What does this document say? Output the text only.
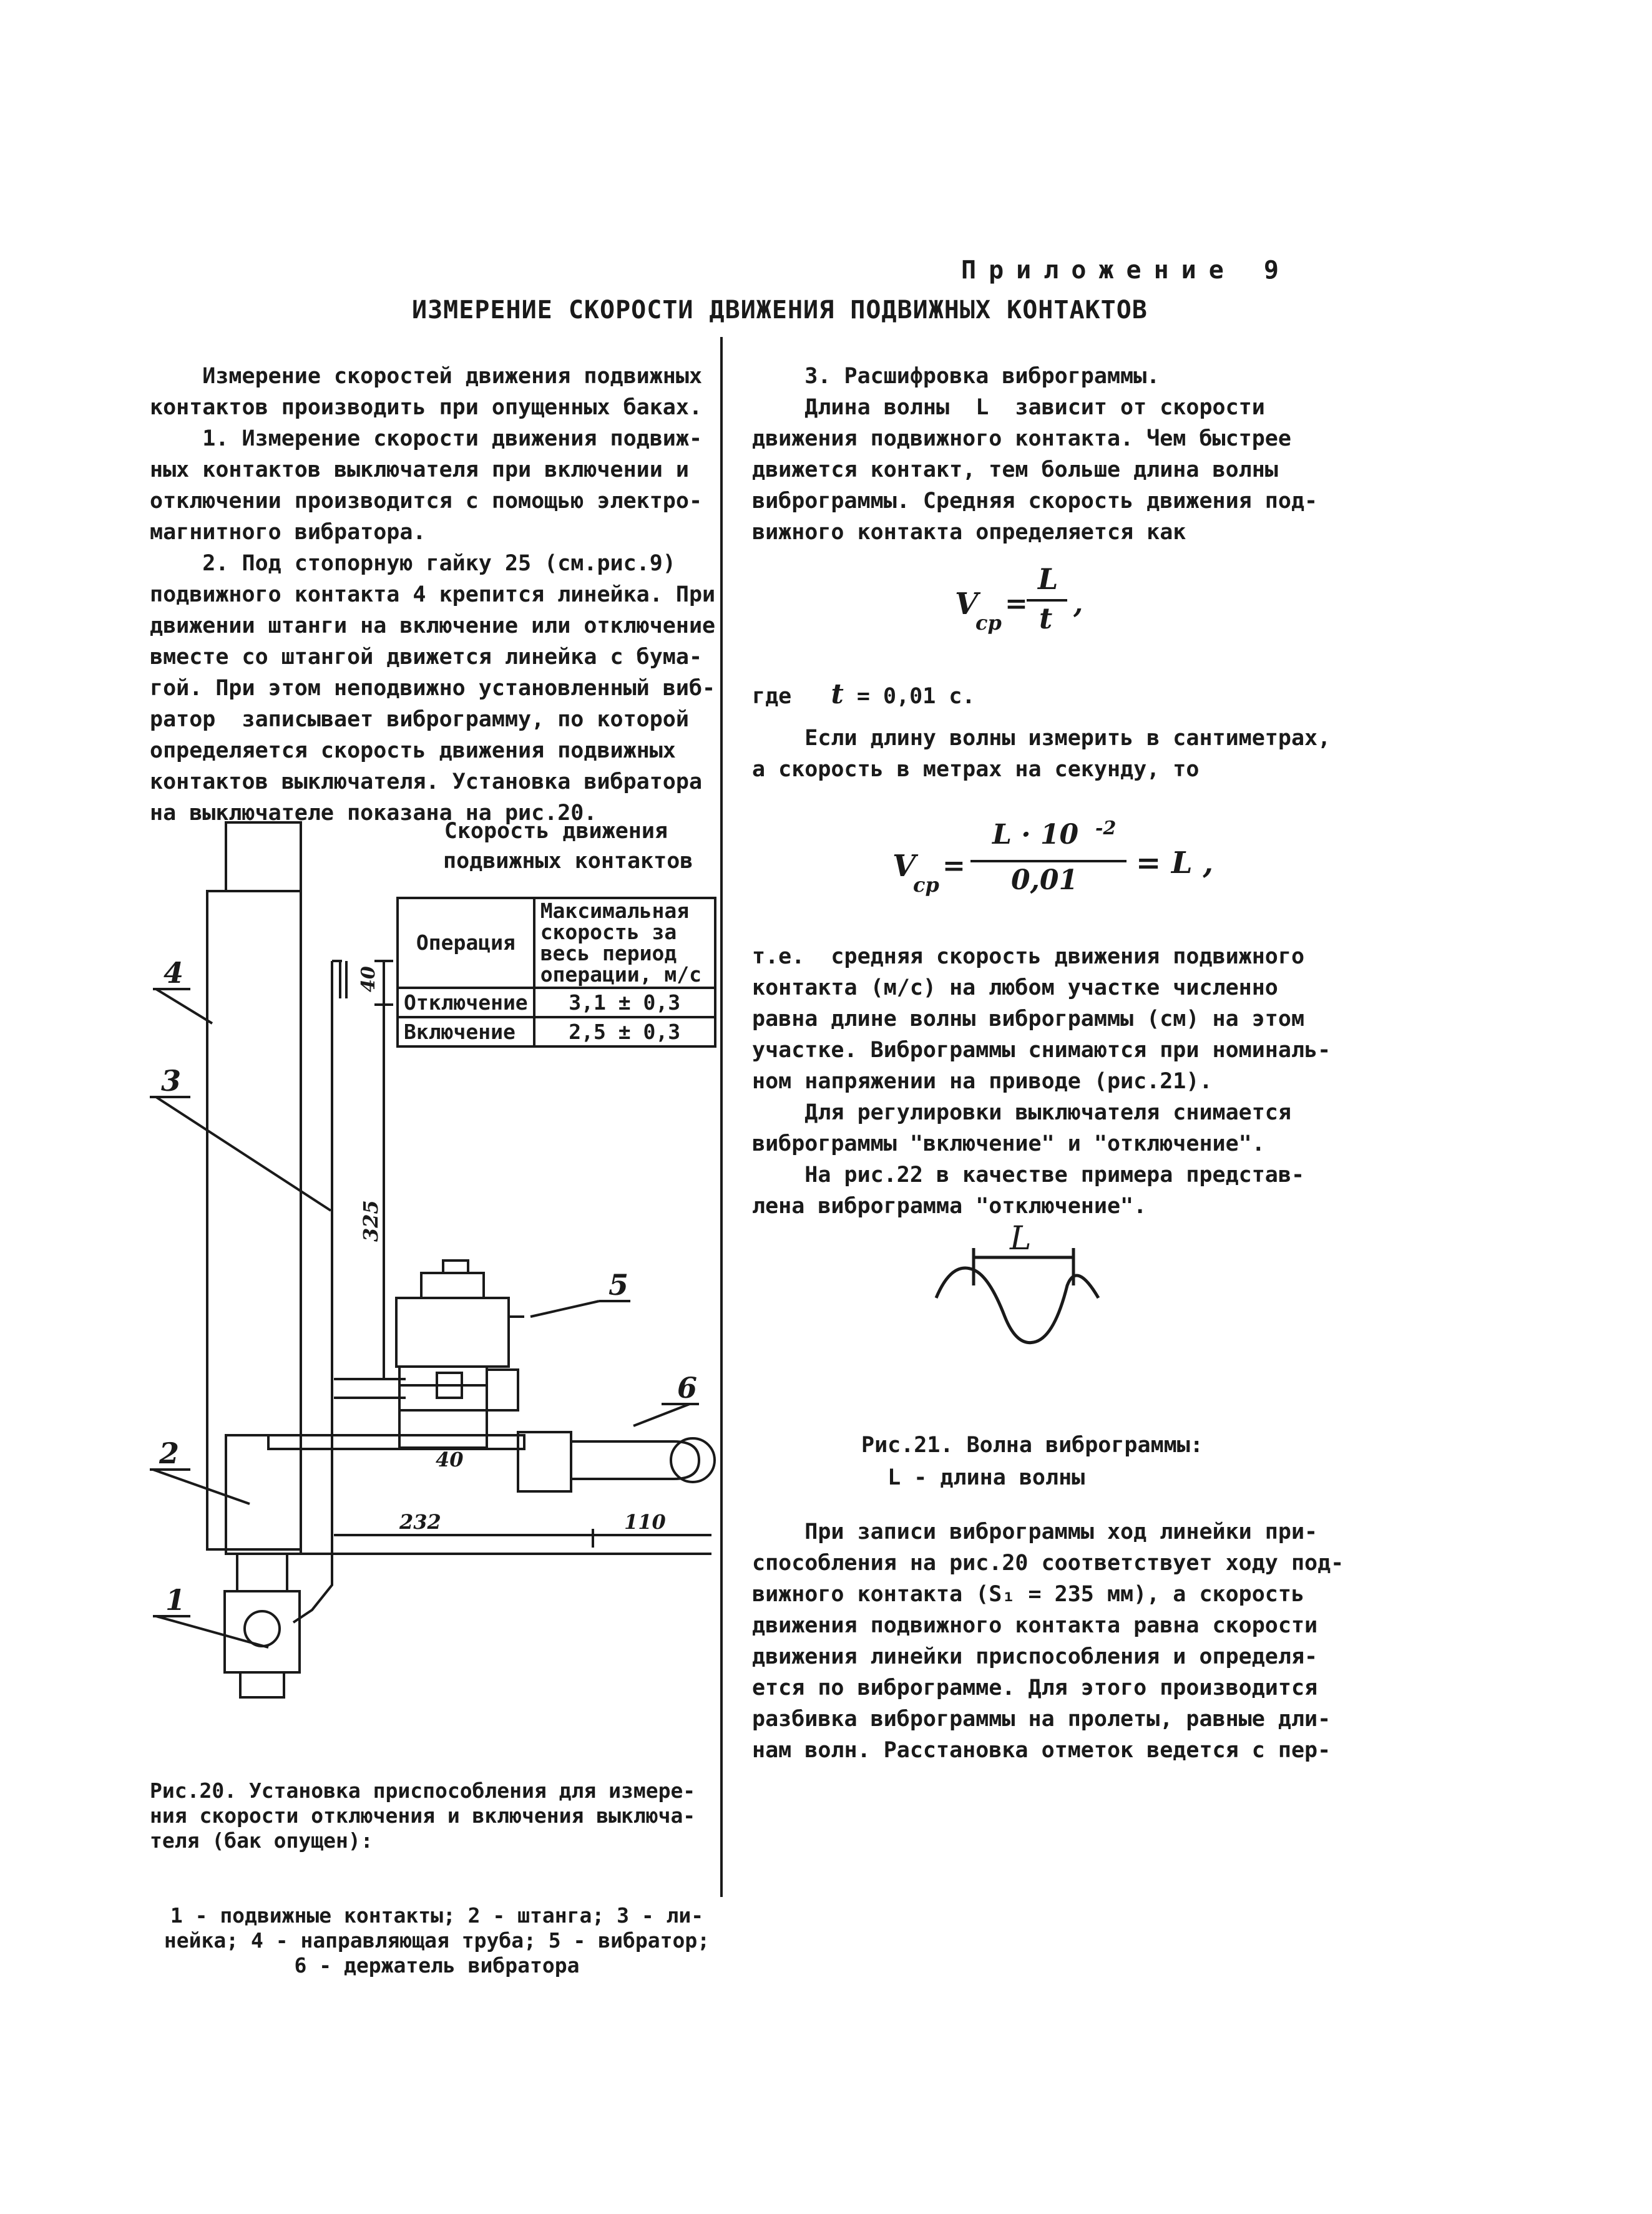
Приложение 9
ИЗМЕРЕНИЕ СКОРОСТИ ДВИЖЕНИЯ ПОДВИЖНЫХ КОНТАКТОВ

Измерение скоростей движения подвижных

контактов производить при опущенных баках.

1. Измерение скорости движения подвиж-

ных контактов выключателя при включении и

отключении производится с помощью электро-

магнитного вибратора.

2. Под стопорную гайку 25 (см.рис.9)

подвижного контакта 4 крепится линейка. При

движении штанги на включение или отключение

вместе со штангой движется линейка с бума-

гой. При этом неподвижно установленный виб-

ратор  записывает виброграмму, по которой

определяется скорость движения подвижных

контактов выключателя. Установка вибратора

на выключателе показана на рис.20.

Скорость движения
подвижных контактов
Операция	Максимальная
скорость за
весь период
операции, м/с
Отключение	3,1 ± 0,3
Включение	2,5 ± 0,3
4
3
2
1
5
6
40
325
40
232	110

Рис.20. Установка приспособления для измере-
ния скорости отключения и включения выключа-
теля (бак опущен):

1 - подвижные контакты; 2 - штанга; 3 - ли-
нейка; 4 - направляющая труба; 5 - вибратор;
6 - держатель вибратора

3. Расшифровка виброграммы.

Длина волны  L  зависит от скорости

движения подвижного контакта. Чем быстрее

движется контакт, тем больше длина волны

виброграммы. Средняя скорость движения под-

вижного контакта определяется как

V
ср
=
L
t ,

где t = 0,01 с.

Если длину волны измерить в сантиметрах,

а скорость в метрах на секунду, то

V
ср
=
L · 10 -2
0,01 = L ,

т.е.  средняя скорость движения подвижного

контакта (м/с) на любом участке численно

равна длине волны виброграммы (см) на этом

участке. Виброграммы снимаются при номиналь-

ном напряжении на приводе (рис.21).

Для регулировки выключателя снимается

виброграммы "включение" и "отключение".

На рис.22 в качестве примера представ-

лена виброграмма "отключение".

L
Рис.21. Волна виброграммы:
L - длина волны

При записи виброграммы ход линейки при-

способления на рис.20 соответствует ходу под-

вижного контакта (S₁ = 235 мм), а скорость

движения подвижного контакта равна скорости

движения линейки приспособления и определя-

ется по виброграмме. Для этого производится

разбивка виброграммы на пролеты, равные дли-

нам волн. Расстановка отметок ведется с пер-
